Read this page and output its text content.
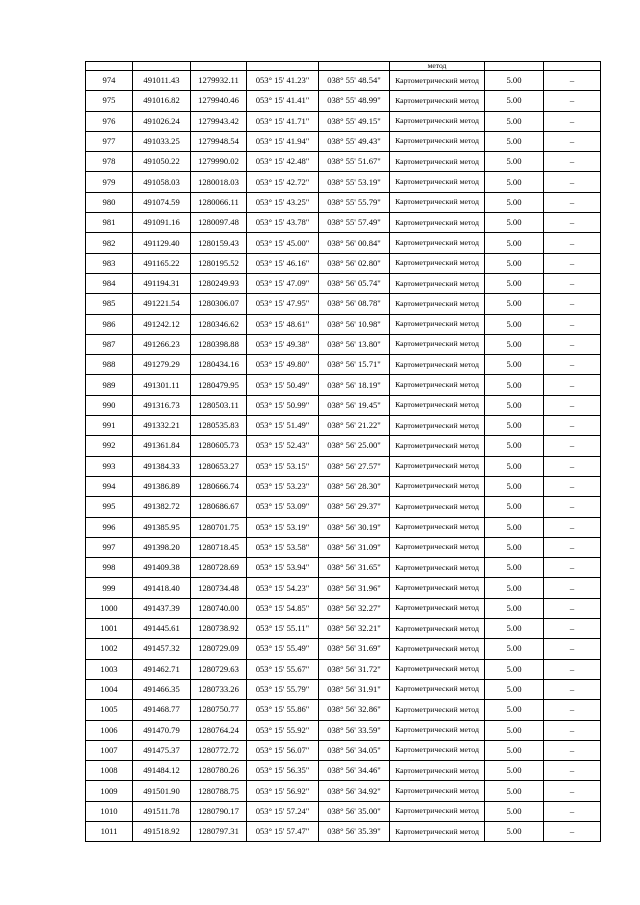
					метод		
974	491011.43	1279932.11	053° 15' 41.23"	038° 55' 48.54"	Картометрический метод	5.00	–
975	491016.82	1279940.46	053° 15' 41.41"	038° 55' 48.99"	Картометрический метод	5.00	–
976	491026.24	1279943.42	053° 15' 41.71"	038° 55' 49.15"	Картометрический метод	5.00	–
977	491033.25	1279948.54	053° 15' 41.94"	038° 55' 49.43"	Картометрический метод	5.00	–
978	491050.22	1279990.02	053° 15' 42.48"	038° 55' 51.67"	Картометрический метод	5.00	–
979	491058.03	1280018.03	053° 15' 42.72"	038° 55' 53.19"	Картометрический метод	5.00	–
980	491074.59	1280066.11	053° 15' 43.25"	038° 55' 55.79"	Картометрический метод	5.00	–
981	491091.16	1280097.48	053° 15' 43.78"	038° 55' 57.49"	Картометрический метод	5.00	–
982	491129.40	1280159.43	053° 15' 45.00"	038° 56' 00.84"	Картометрический метод	5.00	–
983	491165.22	1280195.52	053° 15' 46.16"	038° 56' 02.80"	Картометрический метод	5.00	–
984	491194.31	1280249.93	053° 15' 47.09"	038° 56' 05.74"	Картометрический метод	5.00	–
985	491221.54	1280306.07	053° 15' 47.95"	038° 56' 08.78"	Картометрический метод	5.00	–
986	491242.12	1280346.62	053° 15' 48.61"	038° 56' 10.98"	Картометрический метод	5.00	–
987	491266.23	1280398.88	053° 15' 49.38"	038° 56' 13.80"	Картометрический метод	5.00	–
988	491279.29	1280434.16	053° 15' 49.80"	038° 56' 15.71"	Картометрический метод	5.00	–
989	491301.11	1280479.95	053° 15' 50.49"	038° 56' 18.19"	Картометрический метод	5.00	–
990	491316.73	1280503.11	053° 15' 50.99"	038° 56' 19.45"	Картометрический метод	5.00	–
991	491332.21	1280535.83	053° 15' 51.49"	038° 56' 21.22"	Картометрический метод	5.00	–
992	491361.84	1280605.73	053° 15' 52.43"	038° 56' 25.00"	Картометрический метод	5.00	–
993	491384.33	1280653.27	053° 15' 53.15"	038° 56' 27.57"	Картометрический метод	5.00	–
994	491386.89	1280666.74	053° 15' 53.23"	038° 56' 28.30"	Картометрический метод	5.00	–
995	491382.72	1280686.67	053° 15' 53.09"	038° 56' 29.37"	Картометрический метод	5.00	–
996	491385.95	1280701.75	053° 15' 53.19"	038° 56' 30.19"	Картометрический метод	5.00	–
997	491398.20	1280718.45	053° 15' 53.58"	038° 56' 31.09"	Картометрический метод	5.00	–
998	491409.38	1280728.69	053° 15' 53.94"	038° 56' 31.65"	Картометрический метод	5.00	–
999	491418.40	1280734.48	053° 15' 54.23"	038° 56' 31.96"	Картометрический метод	5.00	–
1000	491437.39	1280740.00	053° 15' 54.85"	038° 56' 32.27"	Картометрический метод	5.00	–
1001	491445.61	1280738.92	053° 15' 55.11"	038° 56' 32.21"	Картометрический метод	5.00	–
1002	491457.32	1280729.09	053° 15' 55.49"	038° 56' 31.69"	Картометрический метод	5.00	–
1003	491462.71	1280729.63	053° 15' 55.67"	038° 56' 31.72"	Картометрический метод	5.00	–
1004	491466.35	1280733.26	053° 15' 55.79"	038° 56' 31.91"	Картометрический метод	5.00	–
1005	491468.77	1280750.77	053° 15' 55.86"	038° 56' 32.86"	Картометрический метод	5.00	–
1006	491470.79	1280764.24	053° 15' 55.92"	038° 56' 33.59"	Картометрический метод	5.00	–
1007	491475.37	1280772.72	053° 15' 56.07"	038° 56' 34.05"	Картометрический метод	5.00	–
1008	491484.12	1280780.26	053° 15' 56.35"	038° 56' 34.46"	Картометрический метод	5.00	–
1009	491501.90	1280788.75	053° 15' 56.92"	038° 56' 34.92"	Картометрический метод	5.00	–
1010	491511.78	1280790.17	053° 15' 57.24"	038° 56' 35.00"	Картометрический метод	5.00	–
1011	491518.92	1280797.31	053° 15' 57.47"	038° 56' 35.39"	Картометрический метод	5.00	–
